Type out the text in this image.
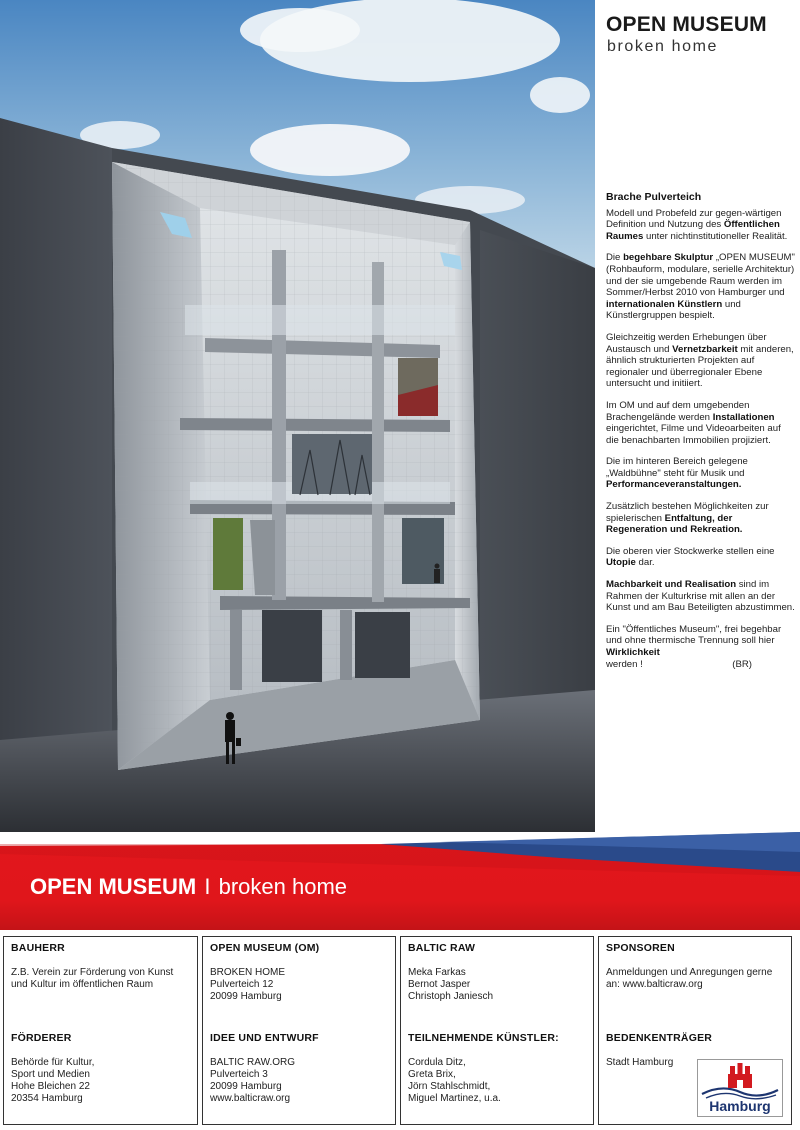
OPEN MUSEUM
broken home
Brache Pulverteich

Modell und Probefeld zur gegen-wärtigen Definition und Nutzung des Öffentlichen Raumes unter nichtinstitutioneller Realität.

Die begehbare Skulptur „OPEN MUSEUM" (Rohbauform, modulare, serielle Architektur) und der sie umgebende Raum werden im Sommer/Herbst 2010 von Hamburger und internationalen Künstlern und Künstlergruppen bespielt.

Gleichzeitig werden Erhebungen über Austausch und Vernetzbarkeit mit anderen, ähnlich strukturierten Projekten auf regionaler und überregionaler Ebene untersucht und initiiert.

Im OM und auf dem umgebenden Brachengelände werden Installationen eingerichtet, Filme und Videoarbeiten auf die benachbarten Immobilien projiziert.

Die im hinteren Bereich gelegene „Waldbühne" steht für Musik und Performanceveranstaltungen.

Zusätzlich bestehen Möglichkeiten zur spielerischen Entfaltung, der Regeneration und Rekreation.

Die oberen vier Stockwerke stellen eine Utopie dar.

Machbarkeit und Realisation sind im Rahmen der Kulturkrise mit allen an der Kunst und am Bau Beteiligten abzustimmen.

Ein "Öffentliches Museum", frei begehbar und ohne thermische Trennung soll hier Wirklichkeit

werden !	(BR)
OPEN MUSEUM I broken home
BAUHERR
Z.B. Verein zur Förderung von Kunst
und Kultur im öffentlichen Raum
FÖRDERER
Behörde für Kultur,
Sport und Medien
Hohe Bleichen 22
20354 Hamburg
OPEN MUSEUM (OM)
BROKEN HOME
Pulverteich 12
20099 Hamburg
IDEE UND ENTWURF
BALTIC RAW.ORG
Pulverteich 3
20099 Hamburg
www.balticraw.org
BALTIC RAW
Meka Farkas
Bernot Jasper
Christoph Janiesch
TEILNEHMENDE KÜNSTLER:
Cordula Ditz,
Greta Brix,
Jörn Stahlschmidt,
Miguel Martinez, u.a.
SPONSOREN
Anmeldungen und Anregungen gerne
an: www.balticraw.org
BEDENKENTRÄGER
Stadt Hamburg
Hamburg
